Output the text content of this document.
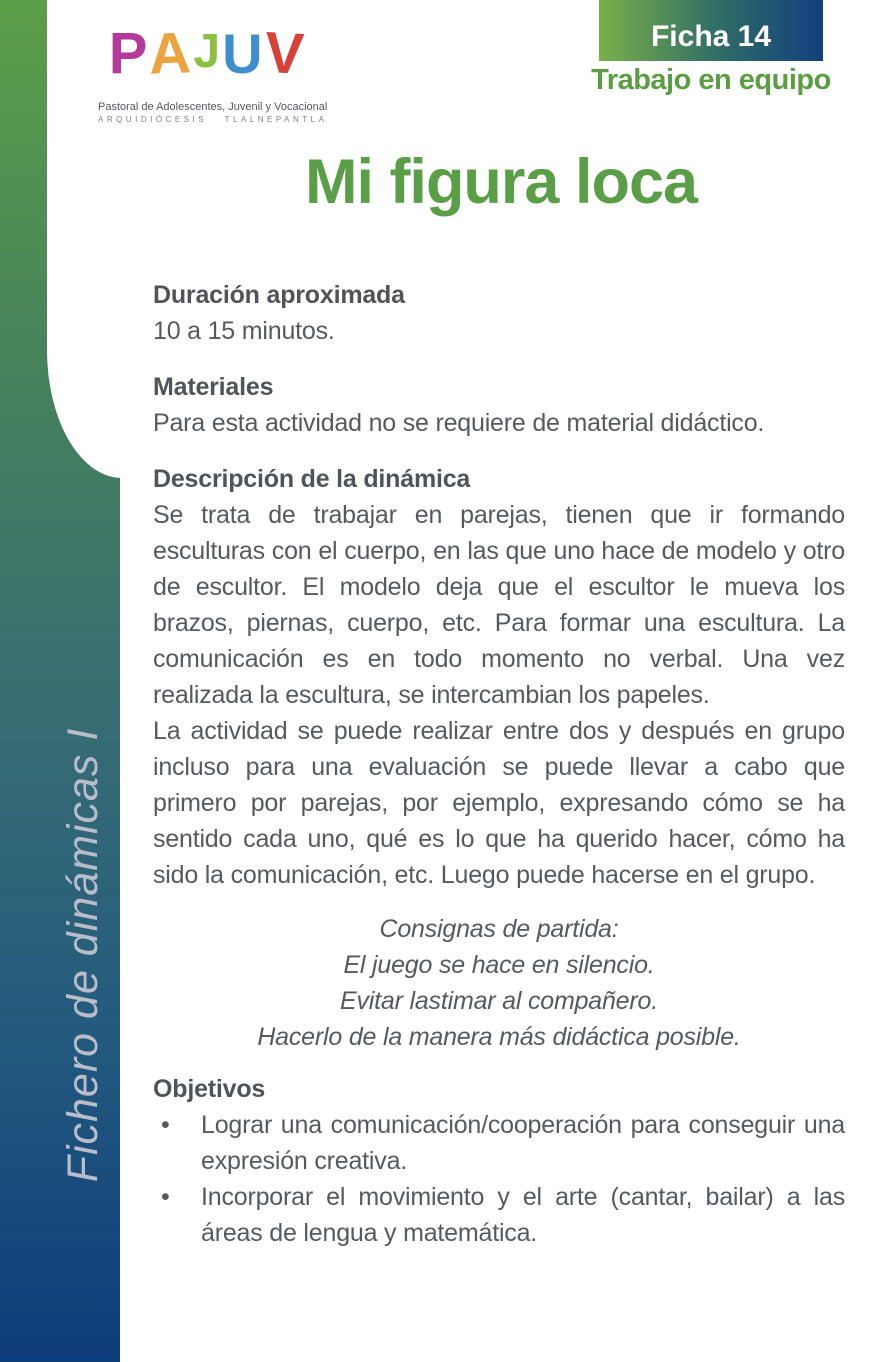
Fichero de dinámicas I
PAJUV
Pastoral de Adolescentes, Juvenil y Vocacional
ARQUIDIÓCESIS TLALNEPANTLA
Ficha 14
Trabajo en equipo
Mi figura loca
Duración aproximada

10 a 15 minutos.

Materiales

Para esta actividad no se requiere de material didáctico.

Descripción de la dinámica

Se trata de trabajar en parejas, tienen que ir formando esculturas con el cuerpo, en las que uno hace de modelo y otro de escultor. El modelo deja que el escultor le mueva los brazos, piernas, cuerpo, etc. Para formar una escultura. La comunicación es en todo momento no verbal. Una vez realizada la escultura, se intercambian los papeles.

La actividad se puede realizar entre dos y después en grupo incluso para una evaluación se puede llevar a cabo que primero por parejas, por ejemplo, expresando cómo se ha sentido cada uno, qué es lo que ha querido hacer, cómo ha sido la comunicación, etc. Luego puede hacerse en el grupo.

Consignas de partida:
El juego se hace en silencio.
Evitar lastimar al compañero.
Hacerlo de la manera más didáctica posible.
Objetivos
•	Lograr una comunicación/cooperación para conseguir una expresión creativa.
•	Incorporar el movimiento y el arte (cantar, bailar) a las áreas de lengua y matemática.
